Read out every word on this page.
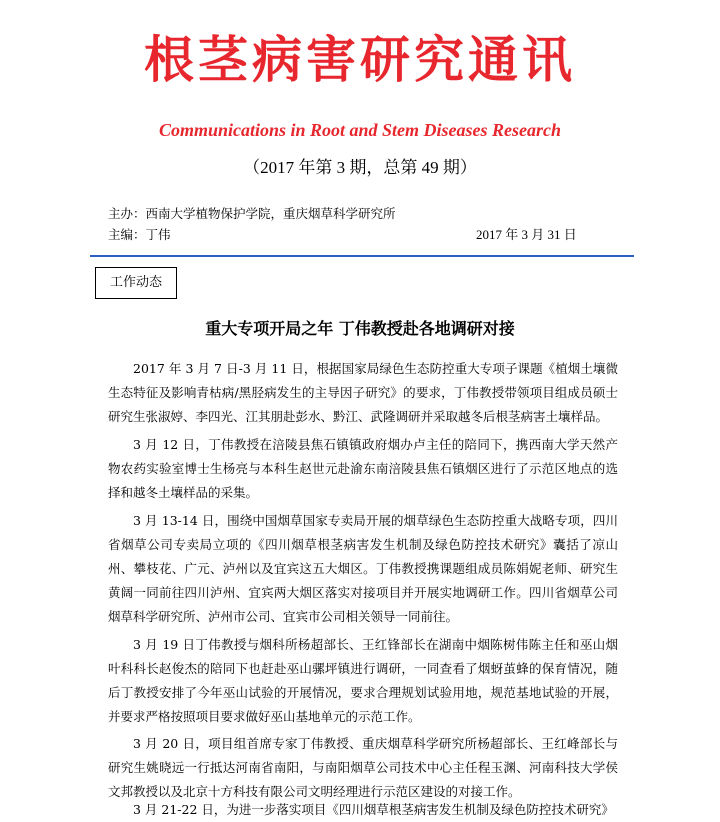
根茎病害研究通讯
Communications in Root and Stem Diseases Research
（2017 年第 3 期，总第 49 期）
主办：西南大学植物保护学院，重庆烟草科学研究所
主编：丁伟	2017 年 3 月 31 日
工作动态
重大专项开局之年 丁伟教授赴各地调研对接

2017 年 3 月 7 日-3 月 11 日，根据国家局绿色生态防控重大专项子课题《植烟土壤微生态特征及影响青枯病/黑胫病发生的主导因子研究》的要求，丁伟教授带领项目组成员硕士研究生张淑婷、李四光、江其朋赴彭水、黔江、武隆调研并采取越冬后根茎病害土壤样品。

3 月 12 日，丁伟教授在涪陵县焦石镇镇政府烟办卢主任的陪同下，携西南大学天然产物农药实验室博士生杨亮与本科生赵世元赴渝东南涪陵县焦石镇烟区进行了示范区地点的选择和越冬土壤样品的采集。

3 月 13-14 日，围绕中国烟草国家专卖局开展的烟草绿色生态防控重大战略专项，四川省烟草公司专卖局立项的《四川烟草根茎病害发生机制及绿色防控技术研究》囊括了凉山州、攀枝花、广元、泸州以及宜宾这五大烟区。丁伟教授携课题组成员陈娟妮老师、研究生黄阔一同前往四川泸州、宜宾两大烟区落实对接项目并开展实地调研工作。四川省烟草公司烟草科学研究所、泸州市公司、宜宾市公司相关领导一同前往。

3 月 19 日丁伟教授与烟科所杨超部长、王红锋部长在湖南中烟陈树伟陈主任和巫山烟叶科科长赵俊杰的陪同下也赶赴巫山骡坪镇进行调研，一同查看了烟蚜茧蜂的保育情况，随后丁教授安排了今年巫山试验的开展情况，要求合理规划试验用地，规范基地试验的开展，并要求严格按照项目要求做好巫山基地单元的示范工作。

3 月 20 日，项目组首席专家丁伟教授、重庆烟草科学研究所杨超部长、王红峰部长与研究生姚晓远一行抵达河南省南阳，与南阳烟草公司技术中心主任程玉渊、河南科技大学侯文邦教授以及北京十方科技有限公司文明经理进行示范区建设的对接工作。

3 月 21-22 日，为进一步落实项目《四川烟草根茎病害发生机制及绿色防控技术研究》
